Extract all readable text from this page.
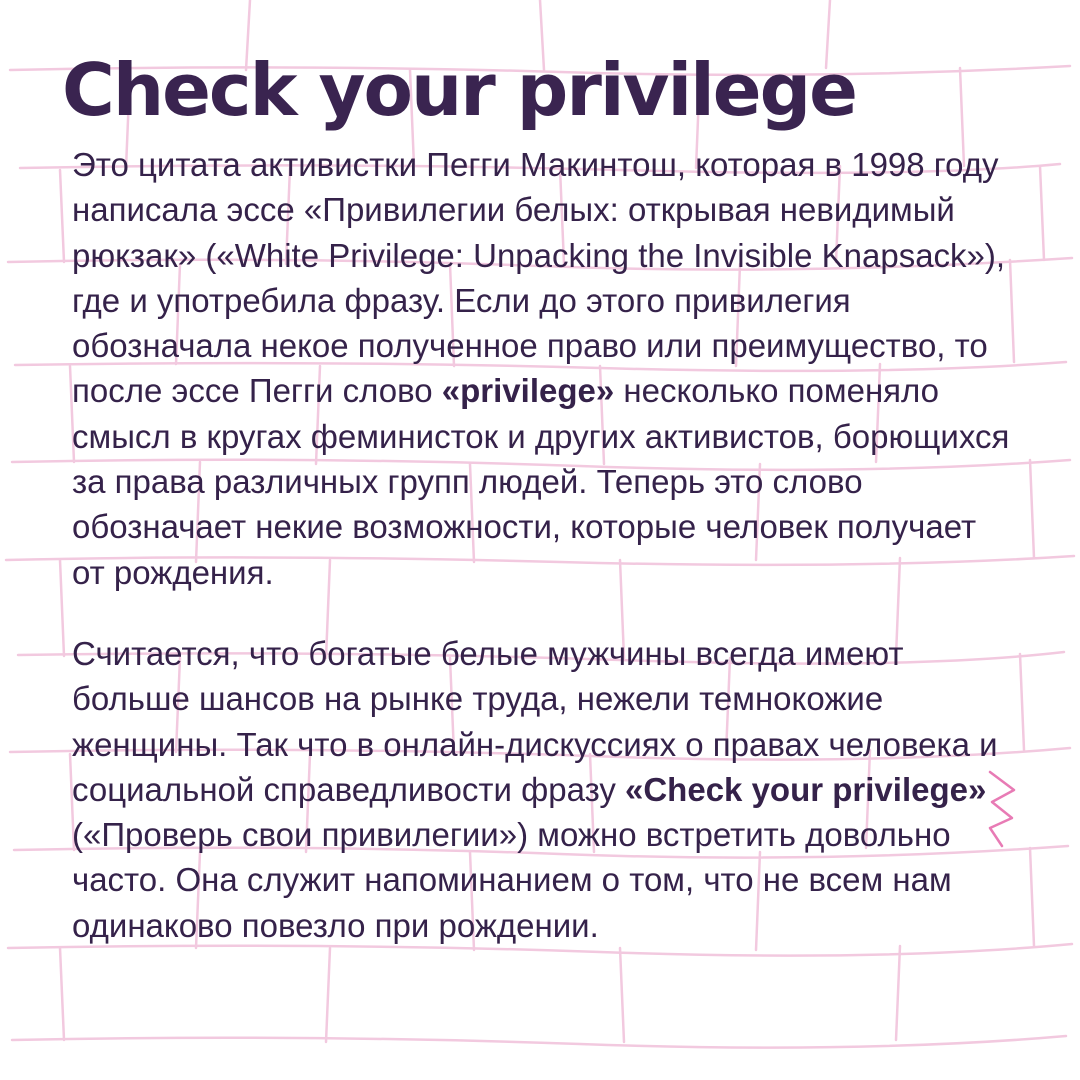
Check your privilege

Это цитата активистки Пегги Макинтош, которая в 1998 году написала эссе «Привилегии белых: открывая невидимый рюкзак» («White Privilege: Unpacking the Invisible Knapsack»), где и употребила фразу. Если до этого привилегия обозначала некое полученное право или преимущество, то после эссе Пегги слово «privilege» несколько поменяло смысл в кругах феминисток и других активистов, борющихся за права различных групп людей. Теперь это слово обозначает некие возможности, которые человек получает от рождения.

Считается, что богатые белые мужчины всегда имеют больше шансов на рынке труда, нежели темнокожие женщины. Так что в онлайн-дискуссиях о правах человека и социальной справедливости фразу «Check your privilege» («Проверь свои привилегии») можно встретить довольно часто. Она служит напоминанием о том, что не всем нам одинаково повезло при рождении.
